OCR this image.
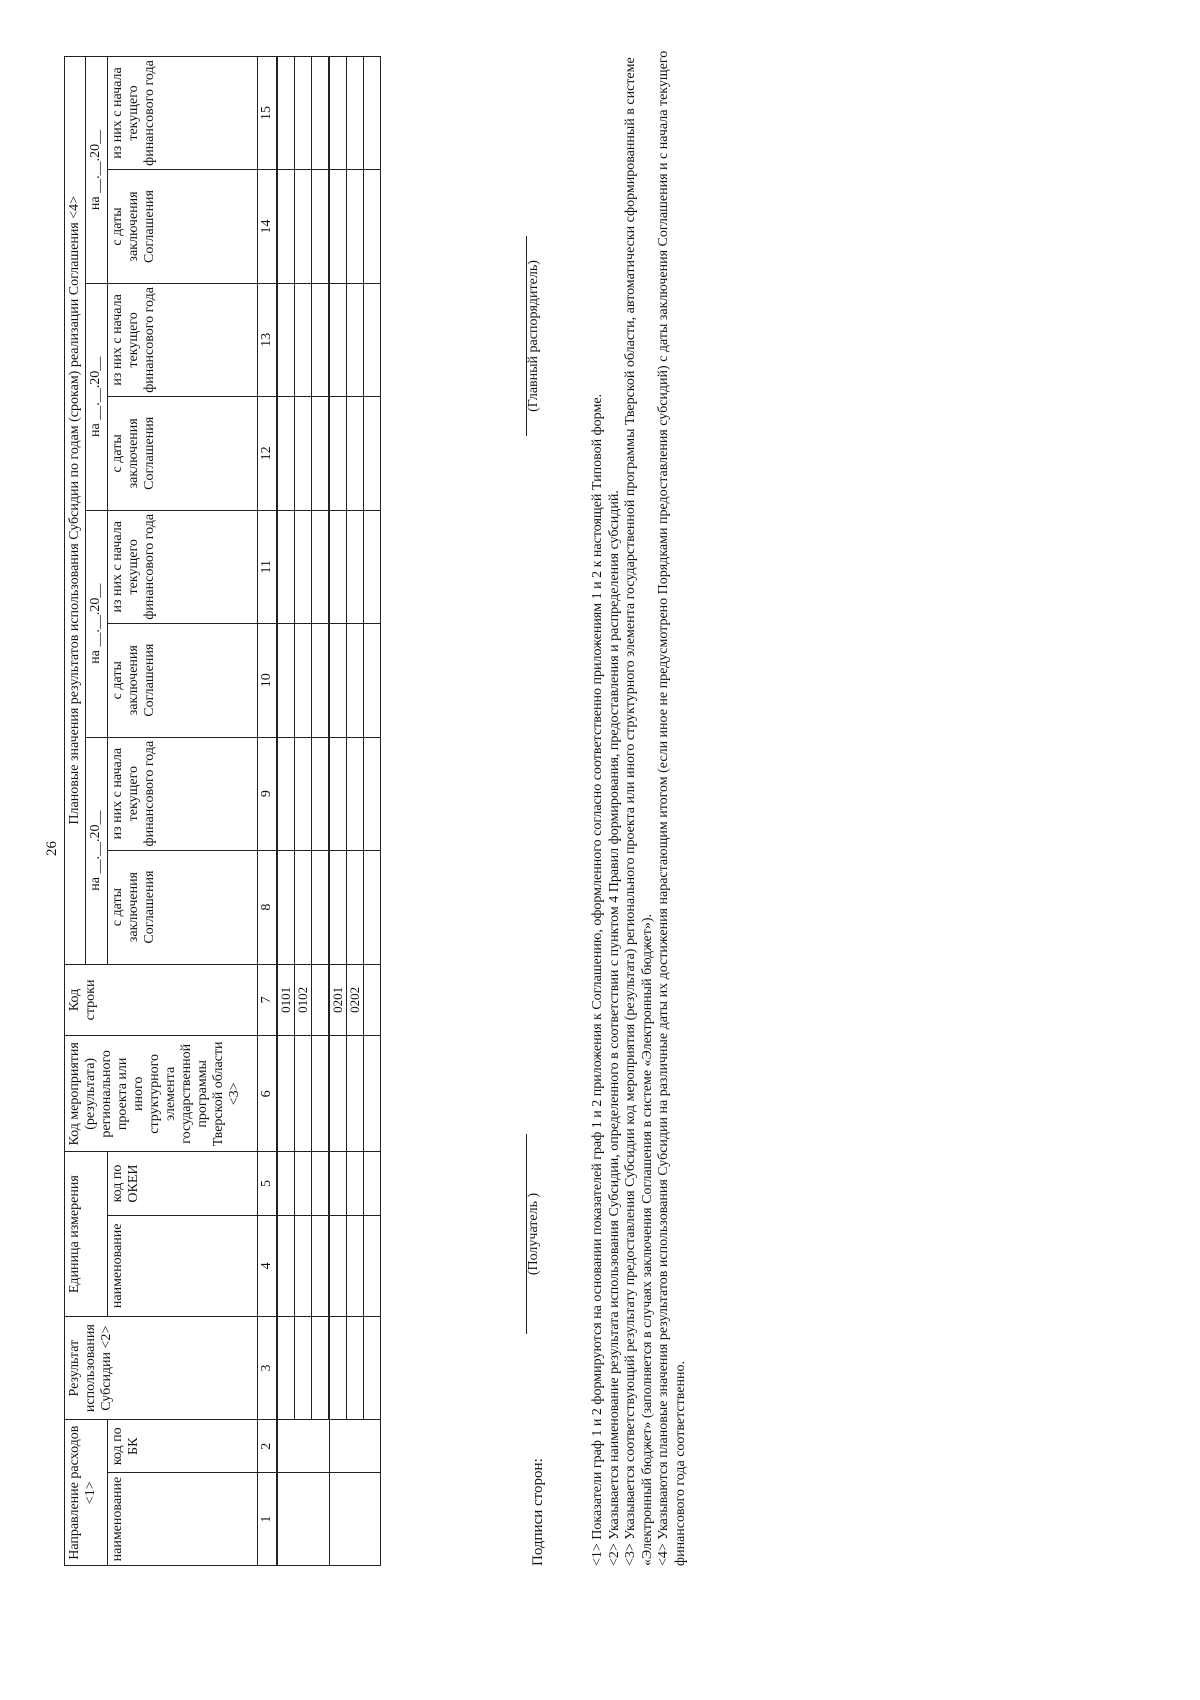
26
Направление расходов <1>		Результат использования Субсидии <2>	Единица измерения		Код мероприятия (результата) регионального проекта или иного структурного элемента государственной программы Тверской области <3>	Код строки	Плановые значения результатов использования Субсидии по годам (срокам) реализации Соглашения <4>							
							на __.__.20__		на __.__.20__		на __.__.20__		на __.__.20__	
наименование	код по БК		наименование	код по ОКЕИ			с даты заключения Соглашения	из них с начала текущего финансового года	с даты заключения Соглашения	из них с начала текущего финансового года	с даты заключения Соглашения	из них с начала текущего финансового года	с даты заключения Соглашения	из них с начала текущего финансового года
1	2	3	4	5	6	7	8	9	10	11	12	13	14	15
						0101								
						0102								

						0201								
						0202								

Подписи сторон:
(Получатель )
(Главный распорядитель)

<1> Показатели граф 1 и 2 формируются на основании показателей граф 1 и 2 приложения к Соглашению, оформленного согласно соответственно приложениям 1 и 2 к настоящей Типовой форме. <2> Указывается наименование результата использования Субсидии, определенного в соответствии с пунктом 4 Правил формирования, предоставления и распределения субсидий. <3> Указывается соответствующий результату предоставления Субсидии код мероприятия (результата) регионального проекта или иного структурного элемента государственной программы Тверской области, автоматически сформированный в системе «Электронный бюджет» (заполняется в случаях заключения Соглашения в системе «Электронный бюджет»). <4> Указываются плановые значения результатов использования Субсидии на различные даты их достижения нарастающим итогом (если иное не предусмотрено Порядками предоставления субсидий) с даты заключения Соглашения и с начала текущего финансового года соответственно.
